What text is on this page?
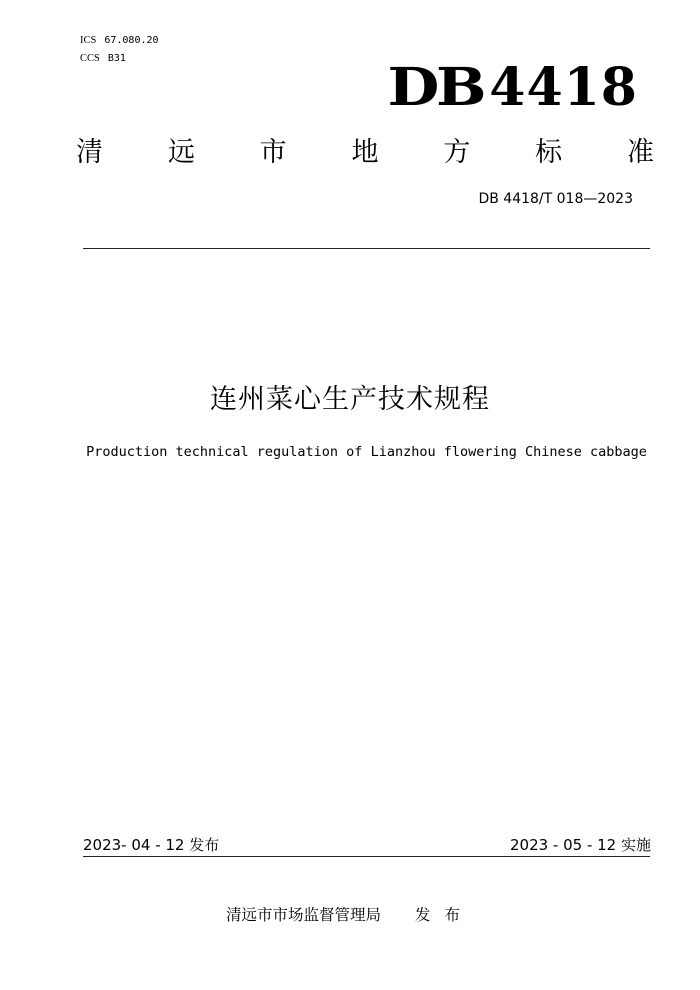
ICS 67.080.20
CCS B31	DB 4418
清 远 市 地 方 标 准
DB 4418/T 018—2023
连州菜心生产技术规程
Production technical regulation of Lianzhou flowering Chinese cabbage
2023- 04 - 12 发布	2023 - 05 - 12 实施
清远市市场监督管理局 发布
